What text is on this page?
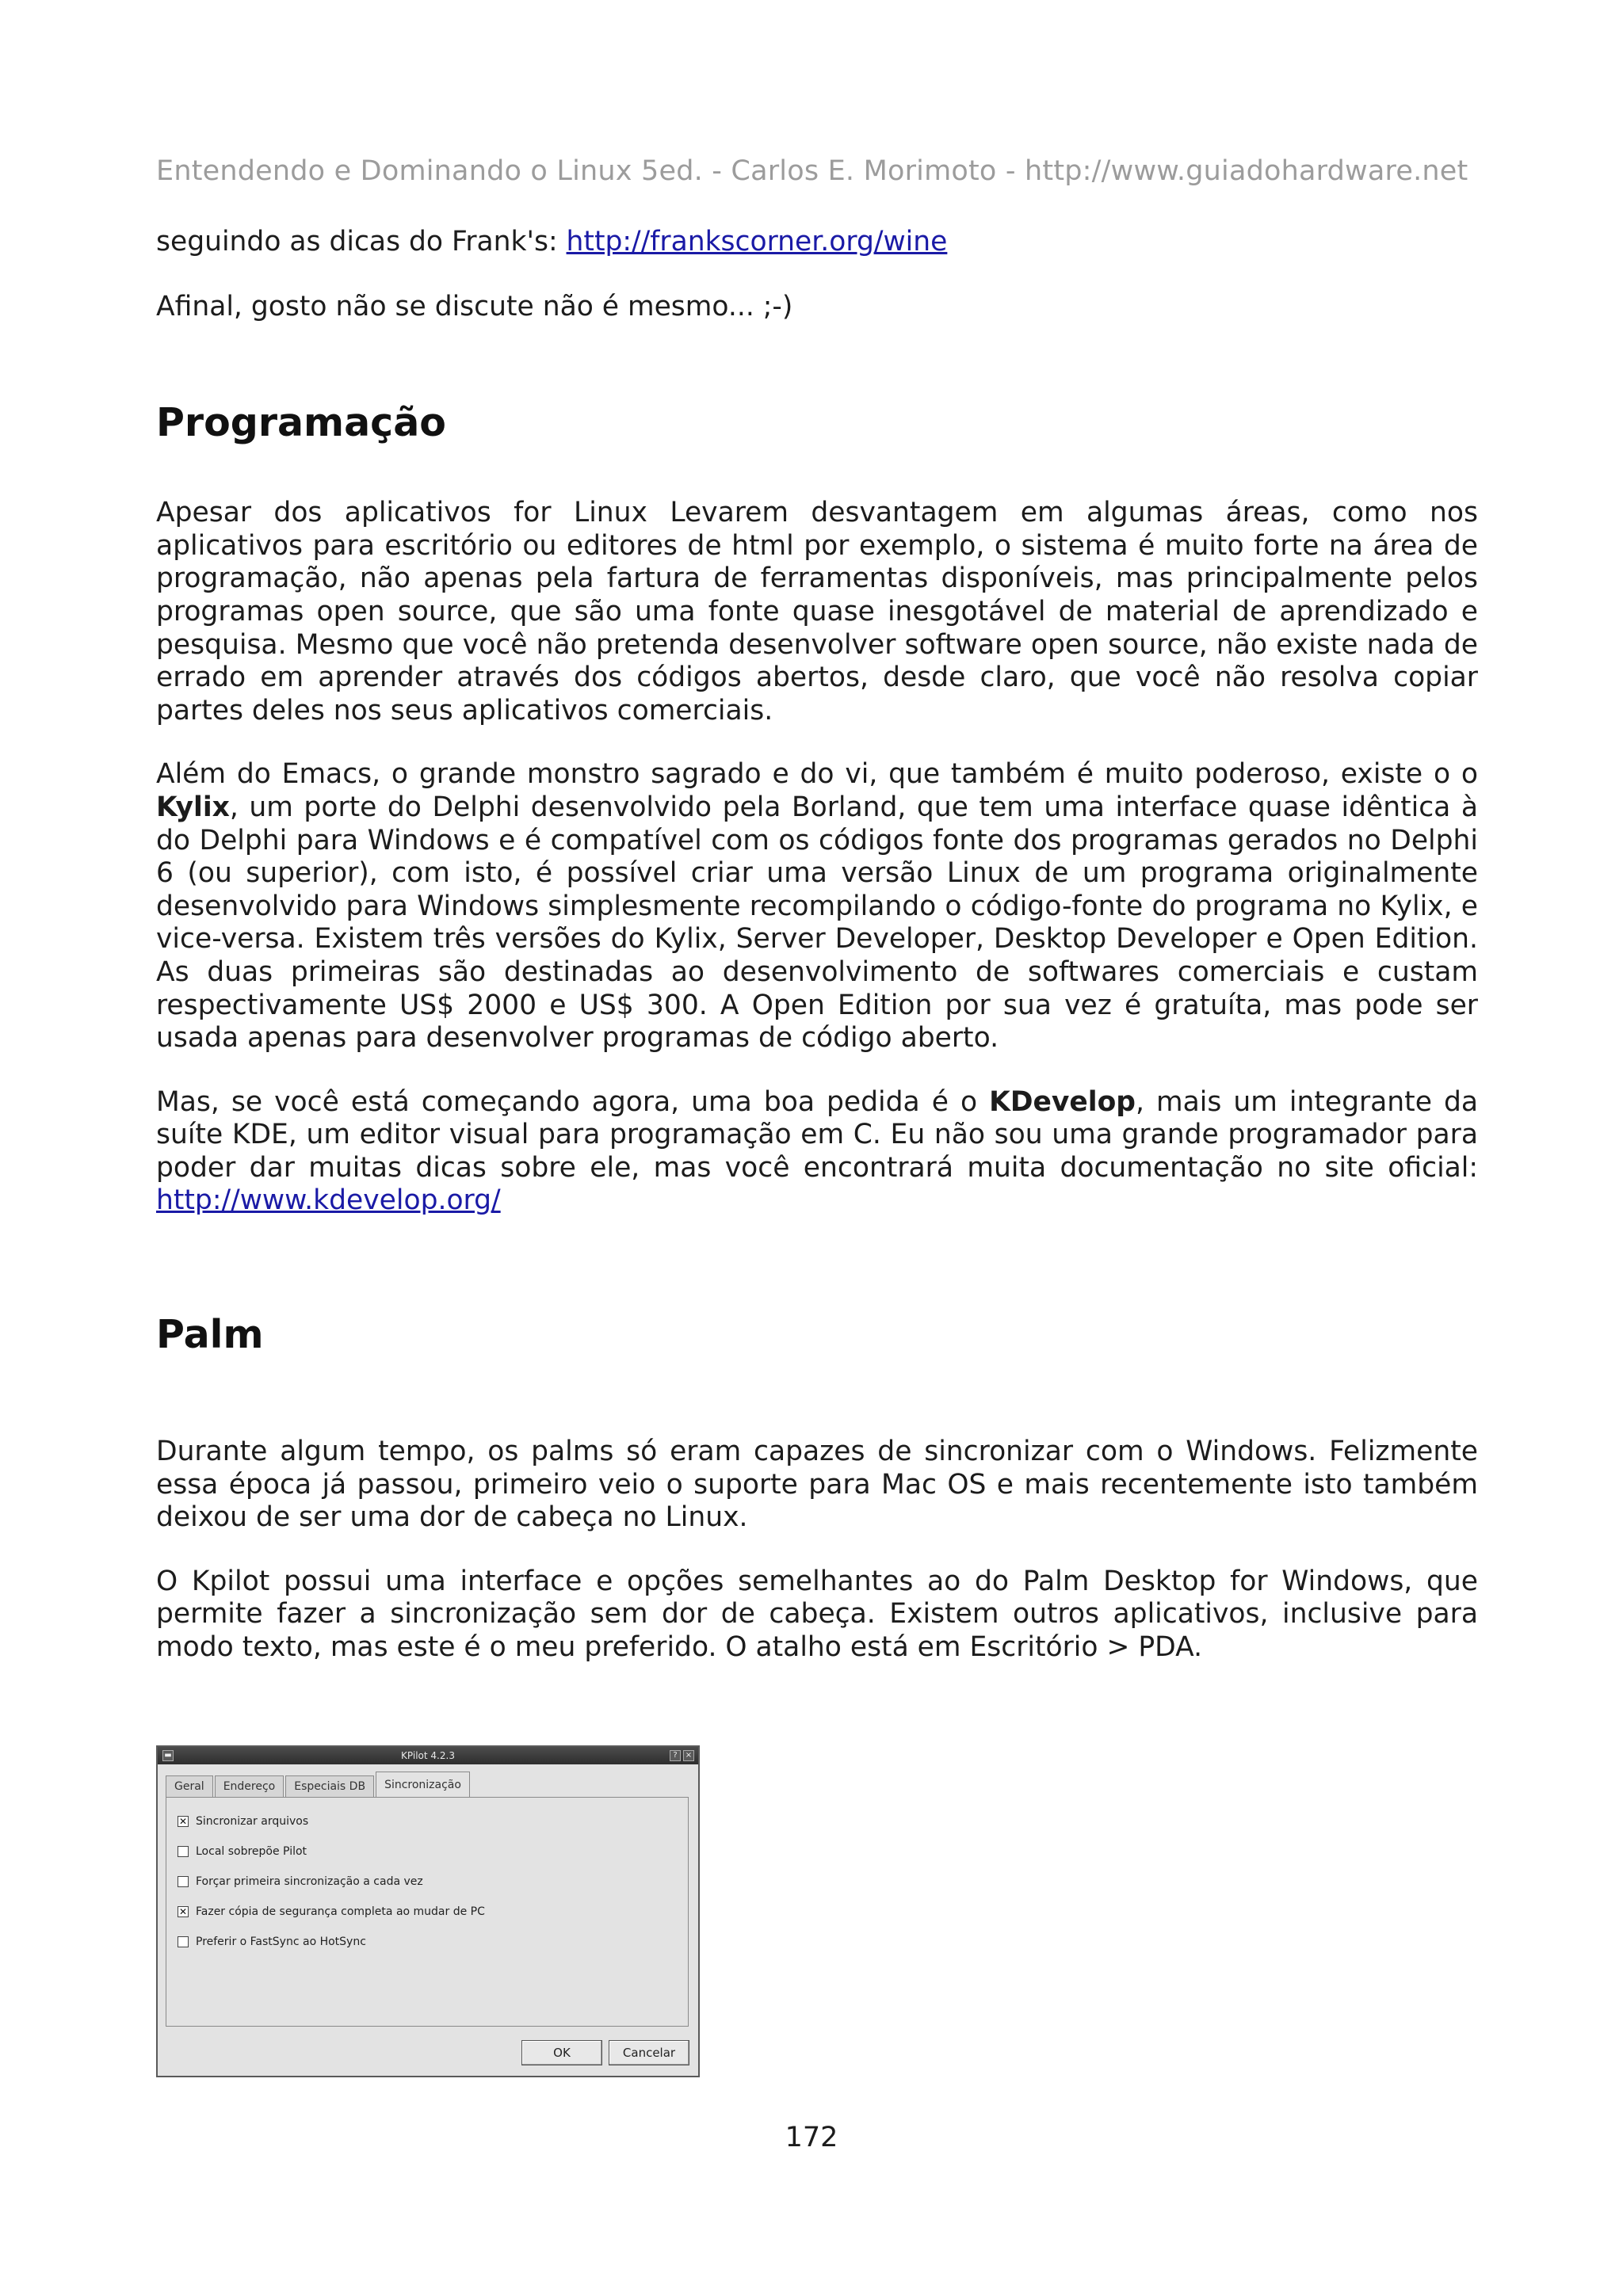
Entendendo e Dominando o Linux 5ed. - Carlos E. Morimoto - http://www.guiadohardware.net

seguindo as dicas do Frank's: http://frankscorner.org/wine

Afinal, gosto não se discute não é mesmo... ;-)

Programação

Apesar dos aplicativos for Linux Levarem desvantagem em algumas áreas, como nos aplicativos para escritório ou editores de html por exemplo, o sistema é muito forte na área de programação, não apenas pela fartura de ferramentas disponíveis, mas principalmente pelos programas open source, que são uma fonte quase inesgotável de material de aprendizado e pesquisa. Mesmo que você não pretenda desenvolver software open source, não existe nada de errado em aprender através dos códigos abertos, desde claro, que você não resolva copiar partes deles nos seus aplicativos comerciais.

Além do Emacs, o grande monstro sagrado e do vi, que também é muito poderoso, existe o o Kylix, um porte do Delphi desenvolvido pela Borland, que tem uma interface quase idêntica à do Delphi para Windows e é compatível com os códigos fonte dos programas gerados no Delphi 6 (ou superior), com isto, é possível criar uma versão Linux de um programa originalmente desenvolvido para Windows simplesmente recompilando o código-fonte do programa no Kylix, e vice-versa. Existem três versões do Kylix, Server Developer, Desktop Developer e Open Edition. As duas primeiras são destinadas ao desenvolvimento de softwares comerciais e custam respectivamente US$ 2000 e US$ 300. A Open Edition por sua vez é gratuíta, mas pode ser usada apenas para desenvolver programas de código aberto.

Mas, se você está começando agora, uma boa pedida é o KDevelop, mais um integrante da suíte KDE, um editor visual para programação em C. Eu não sou uma grande programador para poder dar muitas dicas sobre ele, mas você encontrará muita documentação no site oficial: http://www.kdevelop.org/

Palm

Durante algum tempo, os palms só eram capazes de sincronizar com o Windows. Felizmente essa época já passou, primeiro veio o suporte para Mac OS e mais recentemente isto também deixou de ser uma dor de cabeça no Linux.

O Kpilot possui uma interface e opções semelhantes ao do Palm Desktop for Windows, que permite fazer a sincronização sem dor de cabeça. Existem outros aplicativos, inclusive para modo texto, mas este é o meu preferido. O atalho está em Escritório > PDA.

▬	KPilot 4.2.3	?	×
Geral	Endereço	Especiais DB	Sincronização
✕ Sincronizar arquivos
Local sobrepõe Pilot
Forçar primeira sincronização a cada vez
✕ Fazer cópia de segurança completa ao mudar de PC
Preferir o FastSync ao HotSync
OK	Cancelar
172
